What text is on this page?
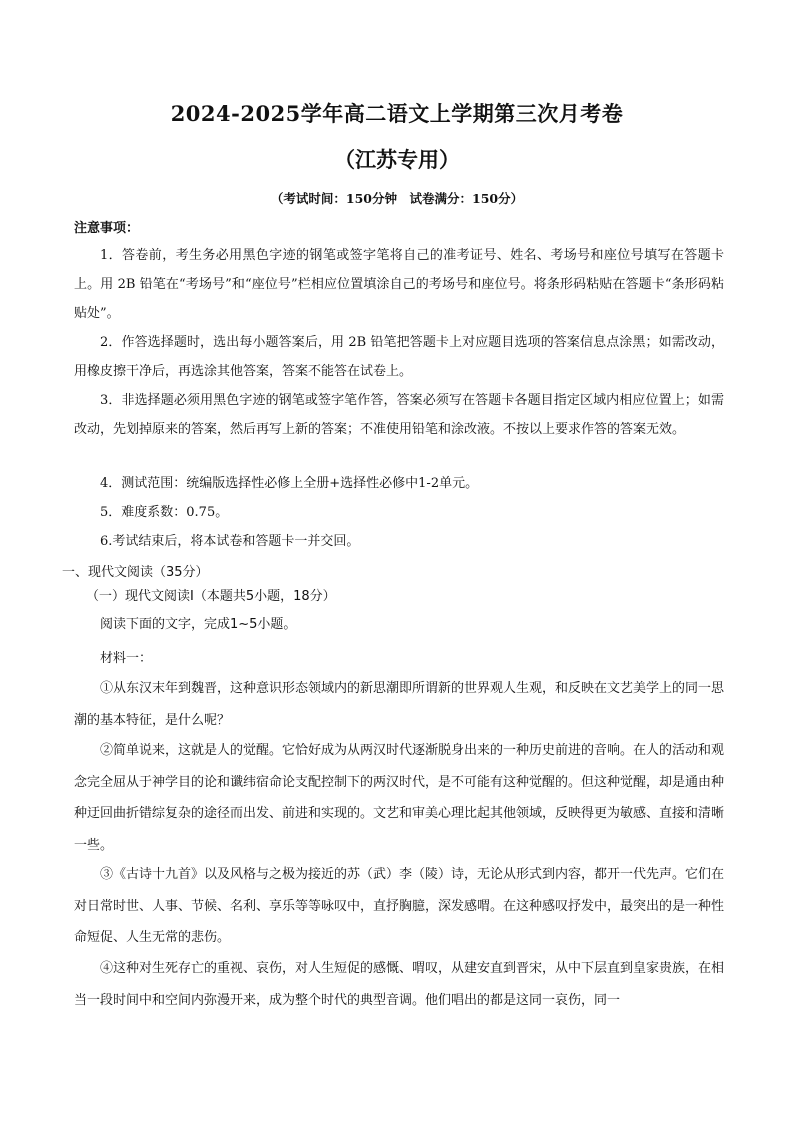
2024-2025学年高二语文上学期第三次月考卷
（江苏专用）
（考试时间：150分钟　试卷满分：150分）
注意事项：

1．答卷前，考生务必用黑色字迹的钢笔或签字笔将自己的准考证号、姓名、考场号和座位号填写在答题卡上。用 2B 铅笔在“考场号”和“座位号”栏相应位置填涂自己的考场号和座位号。将条形码粘贴在答题卡“条形码粘贴处”。

2．作答选择题时，选出每小题答案后，用 2B 铅笔把答题卡上对应题目选项的答案信息点涂黑；如需改动，用橡皮擦干净后，再选涂其他答案，答案不能答在试卷上。

3．非选择题必须用黑色字迹的钢笔或签字笔作答，答案必须写在答题卡各题目指定区域内相应位置上；如需改动，先划掉原来的答案，然后再写上新的答案；不准使用铅笔和涂改液。不按以上要求作答的答案无效。

4．测试范围：统编版选择性必修上全册+选择性必修中1-2单元。

5．难度系数：0.75。

6.考试结束后，将本试卷和答题卡一并交回。

一、现代文阅读（35分）
（一）现代文阅读Ⅰ（本题共5小题，18分）
阅读下面的文字，完成1~5小题。
材料一：

①从东汉末年到魏晋，这种意识形态领域内的新思潮即所谓新的世界观人生观，和反映在文艺美学上的同一思潮的基本特征，是什么呢？

②简单说来，这就是人的觉醒。它恰好成为从两汉时代逐渐脱身出来的一种历史前进的音响。在人的活动和观念完全屈从于神学目的论和谶纬宿命论支配控制下的两汉时代，是不可能有这种觉醒的。但这种觉醒，却是通由种种迂回曲折错综复杂的途径而出发、前进和实现的。文艺和审美心理比起其他领域，反映得更为敏感、直接和清晰一些。

③《古诗十九首》以及风格与之极为接近的苏（武）李（陵）诗，无论从形式到内容，都开一代先声。它们在对日常时世、人事、节候、名利、享乐等等咏叹中，直抒胸臆，深发感喟。在这种感叹抒发中，最突出的是一种性命短促、人生无常的悲伤。

④这种对生死存亡的重视、哀伤，对人生短促的感慨、喟叹，从建安直到晋宋，从中下层直到皇家贵族，在相当一段时间中和空间内弥漫开来，成为整个时代的典型音调。他们唱出的都是这同一哀伤，同一
